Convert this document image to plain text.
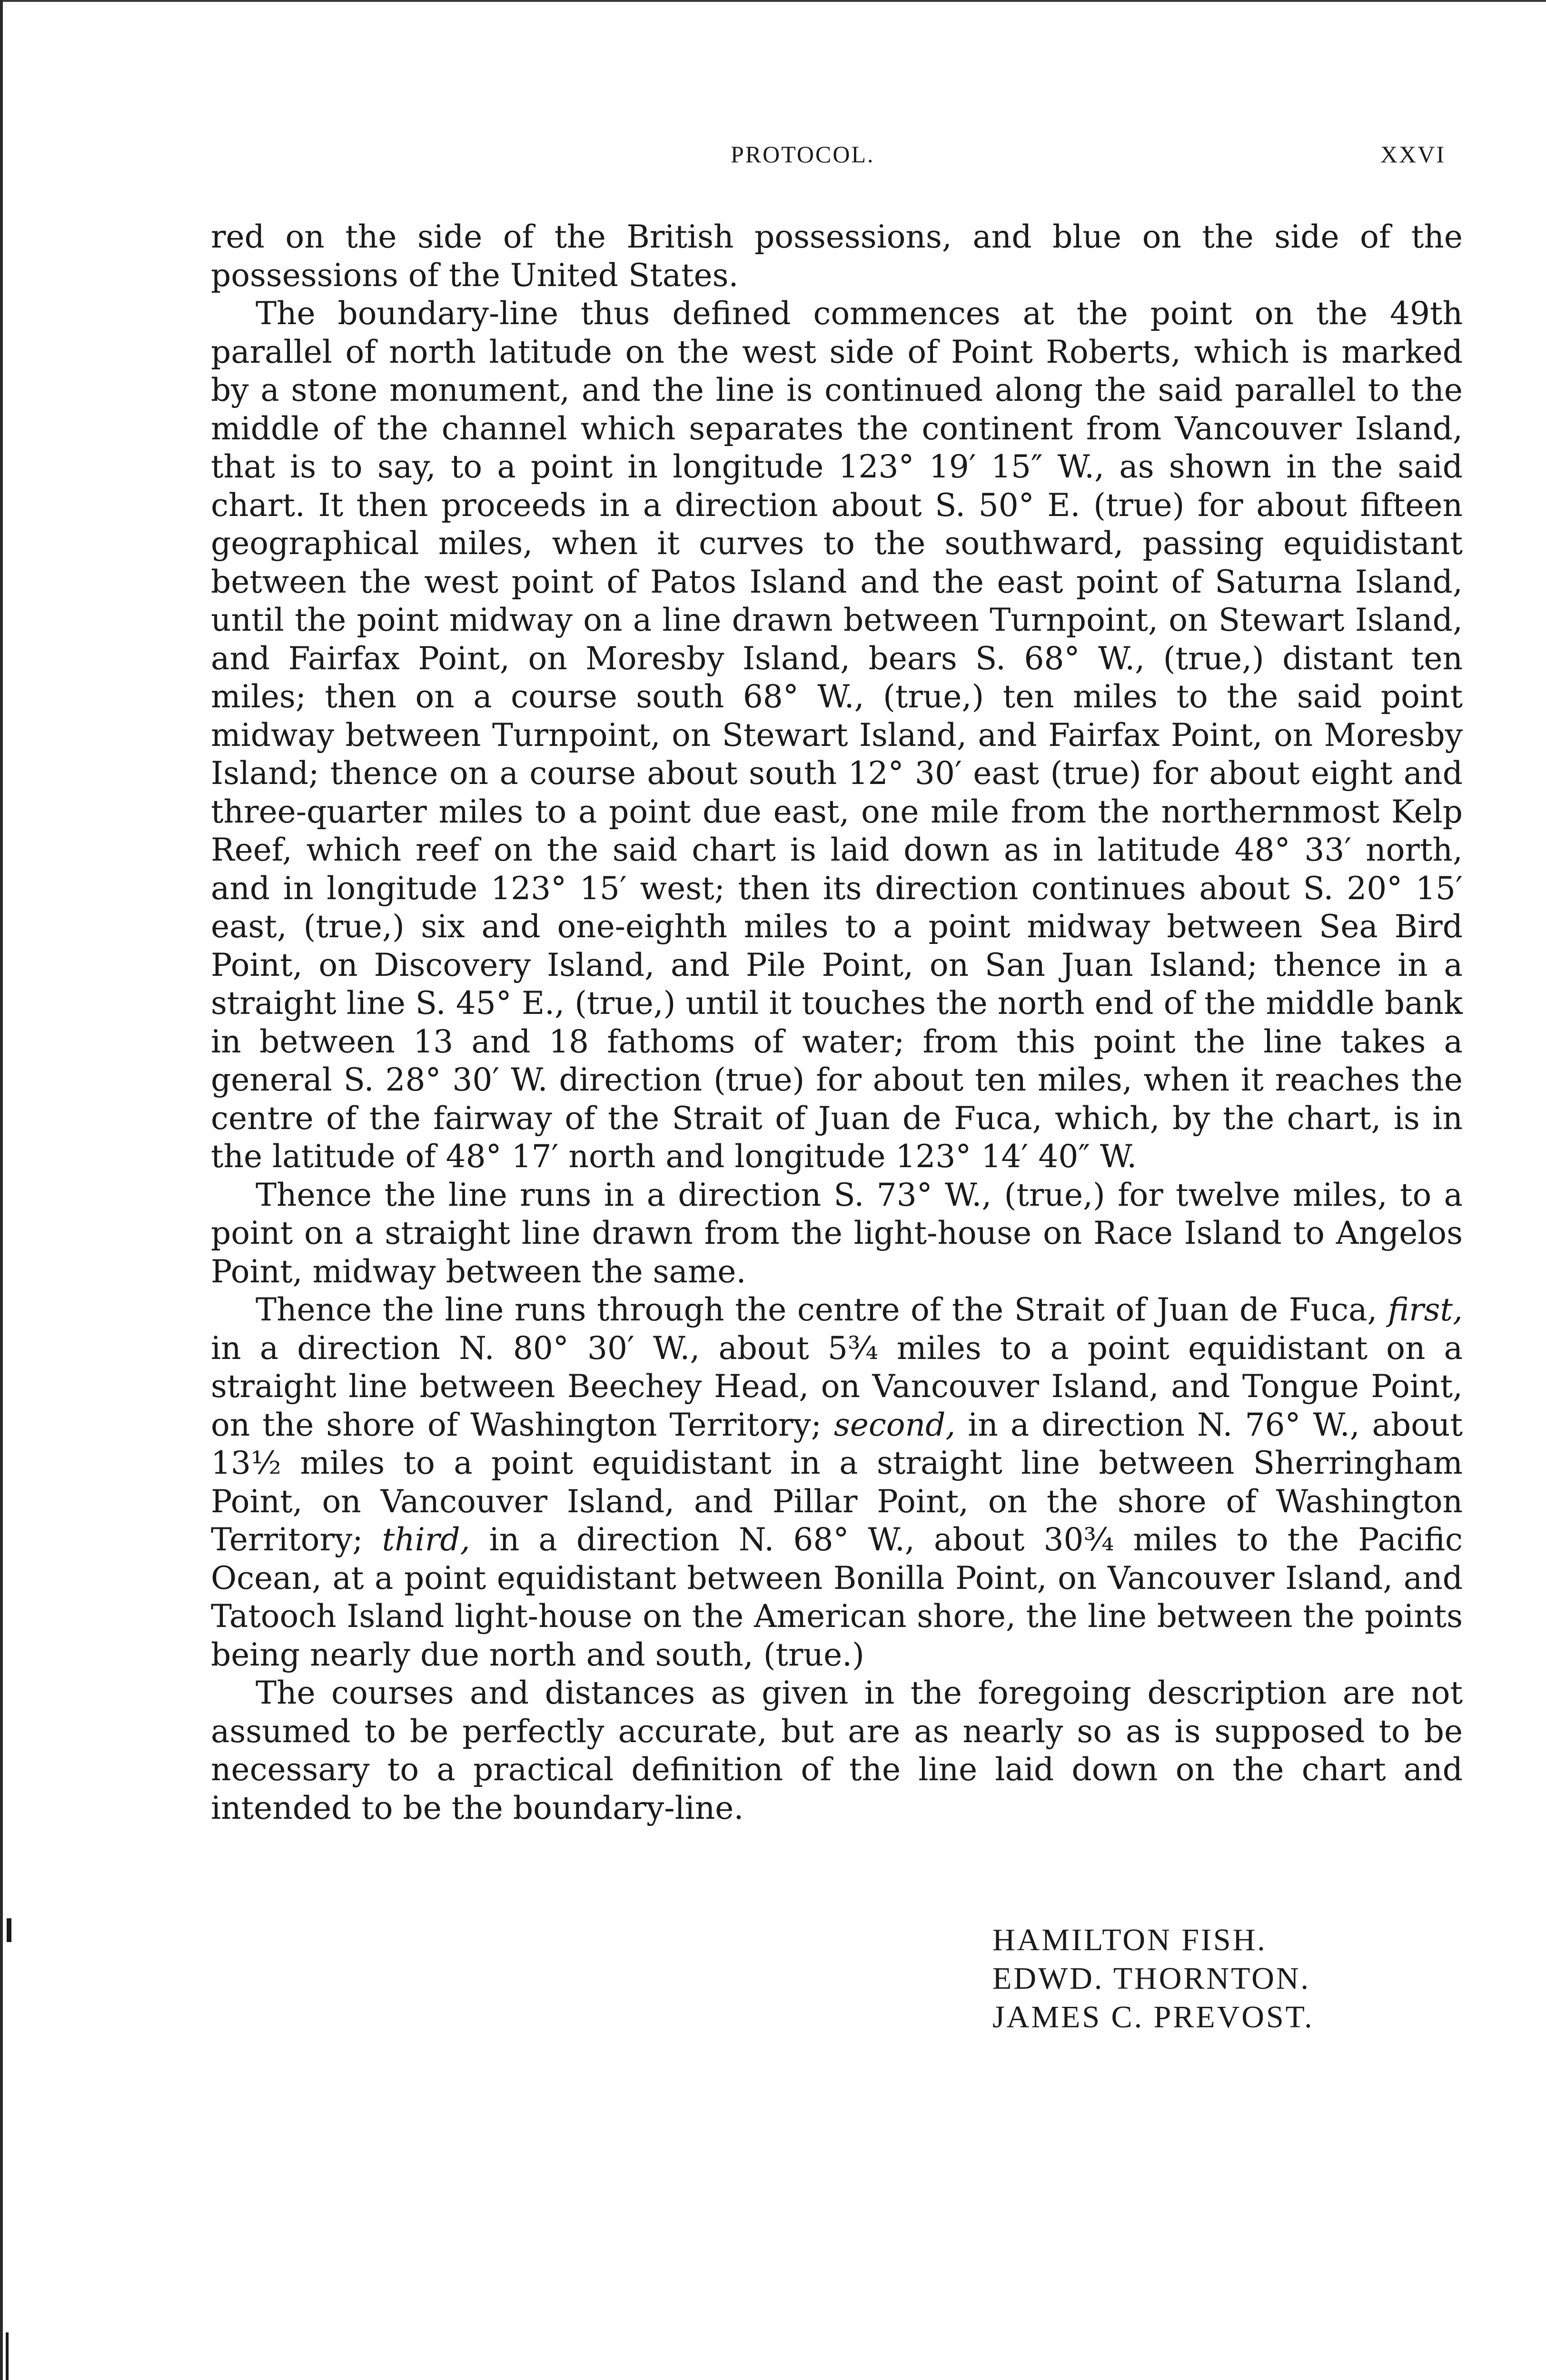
PROTOCOL.	XXVI

red on the side of the British possessions, and blue on the side of the possessions of the United States.

The boundary-line thus defined commences at the point on the 49th parallel of north latitude on the west side of Point Roberts, which is marked by a stone monument, and the line is continued along the said parallel to the middle of the channel which separates the continent from Vancouver Island, that is to say, to a point in longitude 123° 19′ 15″ W., as shown in the said chart. It then proceeds in a direction about S. 50° E. (true) for about fifteen geographical miles, when it curves to the southward, passing equidistant between the west point of Patos Island and the east point of Saturna Island, until the point midway on a line drawn between Turnpoint, on Stewart Island, and Fairfax Point, on Moresby Island, bears S. 68° W., (true,) distant ten miles; then on a course south 68° W., (true,) ten miles to the said point midway between Turnpoint, on Stewart Island, and Fairfax Point, on Moresby Island; thence on a course about south 12° 30′ east (true) for about eight and three-quarter miles to a point due east, one mile from the northernmost Kelp Reef, which reef on the said chart is laid down as in latitude 48° 33′ north, and in longitude 123° 15′ west; then its direction continues about S. 20° 15′ east, (true,) six and one-eighth miles to a point midway between Sea Bird Point, on Discovery Island, and Pile Point, on San Juan Island; thence in a straight line S. 45° E., (true,) until it touches the north end of the middle bank in between 13 and 18 fathoms of water; from this point the line takes a general S. 28° 30′ W. direction (true) for about ten miles, when it reaches the centre of the fairway of the Strait of Juan de Fuca, which, by the chart, is in the latitude of 48° 17′ north and longitude 123° 14′ 40″ W.

Thence the line runs in a direction S. 73° W., (true,) for twelve miles, to a point on a straight line drawn from the light-house on Race Island to Angelos Point, midway between the same.

Thence the line runs through the centre of the Strait of Juan de Fuca, first, in a direction N. 80° 30′ W., about 5¾ miles to a point equidistant on a straight line between Beechey Head, on Vancouver Island, and Tongue Point, on the shore of Washington Territory; second, in a direction N. 76° W., about 13½ miles to a point equidistant in a straight line between Sherringham Point, on Vancouver Island, and Pillar Point, on the shore of Washington Territory; third, in a direction N. 68° W., about 30¾ miles to the Pacific Ocean, at a point equidistant between Bonilla Point, on Vancouver Island, and Tatooch Island light-house on the American shore, the line between the points being nearly due north and south, (true.)

The courses and distances as given in the foregoing description are not assumed to be perfectly accurate, but are as nearly so as is supposed to be necessary to a practical definition of the line laid down on the chart and intended to be the boundary-line.

HAMILTON FISH.
EDWD. THORNTON.
JAMES C. PREVOST.
